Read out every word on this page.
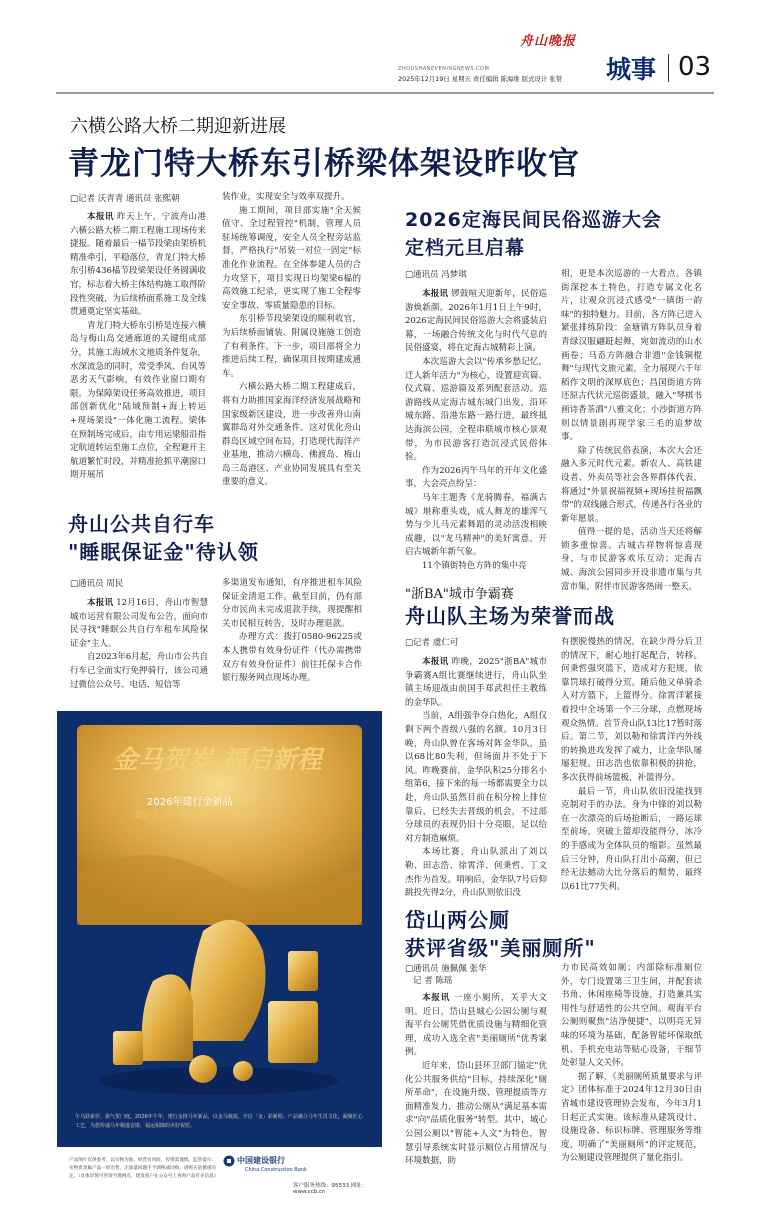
舟山晚报
ZHOUSHANEVENINGNEWS.COM
2025年12月19日 星期五 责任编辑 陈海维 版式设计 张赞 城事 03
六横公路大桥二期迎新进展
青龙门特大桥东引桥梁体架设昨收官
□记者 沃青青 通讯员 张熙朝

本报讯 昨天上午，宁波舟山港六横公路大桥二期工程施工现场传来捷报。随着最后一榀节段梁由架桥机精准牵引，平稳落位，青龙门特大桥东引桥436榀节段梁架设任务圆满收官，标志着大桥主体结构施工取得阶段性突破，为后续桥面系施工及全线贯通奠定坚实基础。

青龙门特大桥东引桥是连接六横岛与梅山岛交通廊道的关键组成部分，其施工海域水文地质条件复杂，水深流急的同时，常受季风、台风等恶劣天气影响，有效作业窗口期有限。为保障架设任务高效推进，项目部创新优化"陆域预制+海上转运+现场架设"一体化施工流程。梁体在预制场完成后，由专用运梁船沿指定航道转运至施工点位，全程避开主航道繁忙时段，并精准抢抓平潮窗口期开展吊

装作业，实现安全与效率双提升。

施工期间，项目部实施"全天候值守、全过程管控"机制，管理人员驻场统筹调度，安全人员全程旁站监督，严格执行"吊装一对位一固定"标准化作业流程。在全体参建人员的合力攻坚下，项目实现日均架梁6榀的高效施工纪录，更实现了施工全程零安全事故、零质量隐患的目标。

东引桥节段梁架设的顺利收官，为后续桥面铺装、附属设施施工创造了有利条件。下一步，项目部将全力推进后续工程，确保项目按期建成通车。

六横公路大桥二期工程建成后，将有力助推国家海洋经济发展战略和国家级新区建设，进一步改善舟山南翼群岛对外交通条件。这对优化舟山群岛区域空间布局，打造现代海洋产业基地，推动六横岛、佛渡岛、梅山岛三岛港区、产业协同发展具有至关重要的意义。

舟山公共自行车
"睡眠保证金"待认领
□通讯员 周民

本报讯 12月16日，舟山市智慧城市运营有限公司发布公告，面向市民寻找"睡眠公共自行车租车风险保证金"主人。

自2023年6月起，舟山市公共自行车已全面实行免押骑行，该公司通过微信公众号、电话、短信等

多渠道发布通知，有序推进租车风险保证金清退工作。截至目前，仍有部分市民尚未完成退款手续，现提醒相关市民相互转告，及时办理退款。

办理方式：拨打0580-96225或本人携带有效身份证件（代办需携带双方有效身份证件）前往托保卡合作银行服务网点现场办理。

金马贺岁 福启新程
2026年建行金新品
美好生活，建行与您"金"喜相伴
午马跃新岁，骐气贺门庭。2026年午年，建行金推马年新品，以金马载福，开启「金」彩新程。产品融合马年生肖文化，凝聚匠心工艺，为您传递马年顺遂安康、福运相随的美好祝愿。
产品图片仅供参考，以实物为准。经营有风险，投资需谨慎。监管提示：实物贵金属产品一经出售，无质量问题不予调换或回购，请购买前慎重决定。（具体详情可咨询当地网点，建设客户在公众号上查询产品有关信息）
中国建设银行
China Construction Bank
客户服务热线：95533 网址：www.ccb.cn
2026定海民间民俗巡游大会
定档元旦启幕
□通讯员 冯梦琪

本报讯 锣鼓喧天迎新年，民俗巡游焕新颜。2026年1月1日上午9时，2026定海民间民俗巡游大会将盛装启幕，一场融合传统文化与时代气息的民俗盛宴，将在定海古城精彩上演。

本次巡游大会以"传承乡愁记忆，迁人新年活力"为核心，设置迎宾篇、仪式篇、巡游篇及系列配套活动。巡游路线从定海古城东城门出发，沿环城东路、沿港东路一路行进，最终抵达海滨公园，全程串联城市核心景观带，为市民游客打造沉浸式民俗体验。

作为2026丙午马年的开年文化盛事，大会亮点纷呈：

马年主题秀《龙骑腾春，福满古城》堪称重头戏，成人舞龙的雄浑气势与少儿马元素舞蹈的灵动活泼相映成趣，以"龙马精神"的美好寓意，开启古城新年新气象。

11个镇街特色方阵的集中亮

相，更是本次巡游的一大看点。各镇街深挖本土特色，打造专属文化名片，让观众沉浸式感受"一镇街一韵味"的独特魅力。目前，各方阵已进入紧张排练阶段：金塘镇方阵队员身着青绿汉服翩跹起舞，宛如流动的山水画卷；马岙方阵融合非遗"金钱铜棍舞"与现代文旅元素，全力展现六千年稻作文明的深厚底色；昌国街道方阵还原古代状元巡街盛景，融入"琴棋书画诗香茶酒"八雅文化；小沙街道方阵则以情景剧再现学家三毛的追梦故事。

除了传统民俗表演，本次大会还融入多元时代元素。新农人、高铁建设者、外卖员等社会各界群体代表，将通过"外景祝福视频+现场挂祝福飘带"的双线融合形式，传递各行各业的新年愿景。

值得一提的是，活动当天还将解锁多重惊喜。古城古祥物将惊喜现身，与市民游客欢乐互动；定海古城、海滨公园同步开设非遗市集与共富市集，附伴市民游客热闹一整天。

"浙BA"城市争霸赛
舟山队主场为荣誉而战
□记者 虞仁可

本报讯 昨晚，2025"浙BA"城市争霸赛A组比赛继续进行，舟山队坐镇主场迎战由前国手郑武担任主教练的金华队。

当前，A组强争夺白热化，A组仅剩下两个晋级八强的名额。10月3日晚，舟山队曾在客场对阵金华队，虽以68比80失利，但场面并不处于下风。昨晚赛前，金华队积25分排名小组第6，接下来的每一场都需要全力以赴，舟山队虽然目前在积分榜上排位靠后，已经失去晋级的机会，不过部分球员的表现仍旧十分亮眼，足以给对方制造麻烦。

本场比赛，舟山队派出了刘以勒、田志浩、徐霄洋、何秉哲、丁文杰作为首发。哨响后，金华队7号后仰跳投先得2分，舟山队则依旧没

有摆脱慢热的情况，在缺少得分后卫的情况下，耐心地打起配合，转移。何秉哲强突篮下，造成对方犯规，依靠罚球打破得分荒。随后他又单骑杀入对方篮下，上篮得分。徐霄洋紧接着投中全场第一个三分球，点燃现场观众热情。首节舟山队13比17暂时落后。第二节，刘以勒和徐霄洋内外线的转换进攻发挥了威力，让金华队屡屡犯规。田志浩也依靠积极的拼抢，多次获得前场篮板，补篮得分。

最后一节，舟山队依旧没能找到克制对手的办法。身为中锋的刘以勒在一次漂亮的后场抢断后，一路运球至前场，突破上篮却没能得分，冰冷的手感成为全体队员的缩影。虽然最后三分钟，舟山队打出小高潮，但已经无法撼动大比分落后的颓势，最终以61比77失利。

岱山两公厕
获评省级"美丽厕所"
□通讯员 施佩佩 张华
记 者 陈瑶

本报讯 一座小厕所，关乎大文明。近日，岱山县城心公园公厕与观海平台公厕凭借优质设施与精细化管理，成功入选全省"美丽厕所"优秀案例。

近年来，岱山县环卫部门锚定"优化公共服务供给"目标，持续深化"厕所革命"，在设施升级、管理提质等方面精准发力，推动公厕从"满足基本需求"向"品质化服务"转型。其中，城心公园公厕以"智能+人文"为特色，智慧引导系统实时显示厕位占用情况与环境数据，助

力市民高效如厕；内部除标准厕位外，专门设置第三卫生间，并配套读书角、休闲座椅等设施，打造兼具实用性与舒适性的公共空间。观海平台公厕则聚焦"洁净便捷"，以明亮无异味的环境为基础，配备智能坏保取纸机、手机充电站等贴心设备，干细节处彰显人文关怀。

据了解，《美丽厕所质量要求与评定》团体标准于2024年12月30日由省城市建设管理协会发布，今年3月1日起正式实施。该标准从建筑设计、设施设备、标识标牌、管理服务等维度，明确了"美丽厕所"的评定规范，为公厕建设管理提供了量化指引。
